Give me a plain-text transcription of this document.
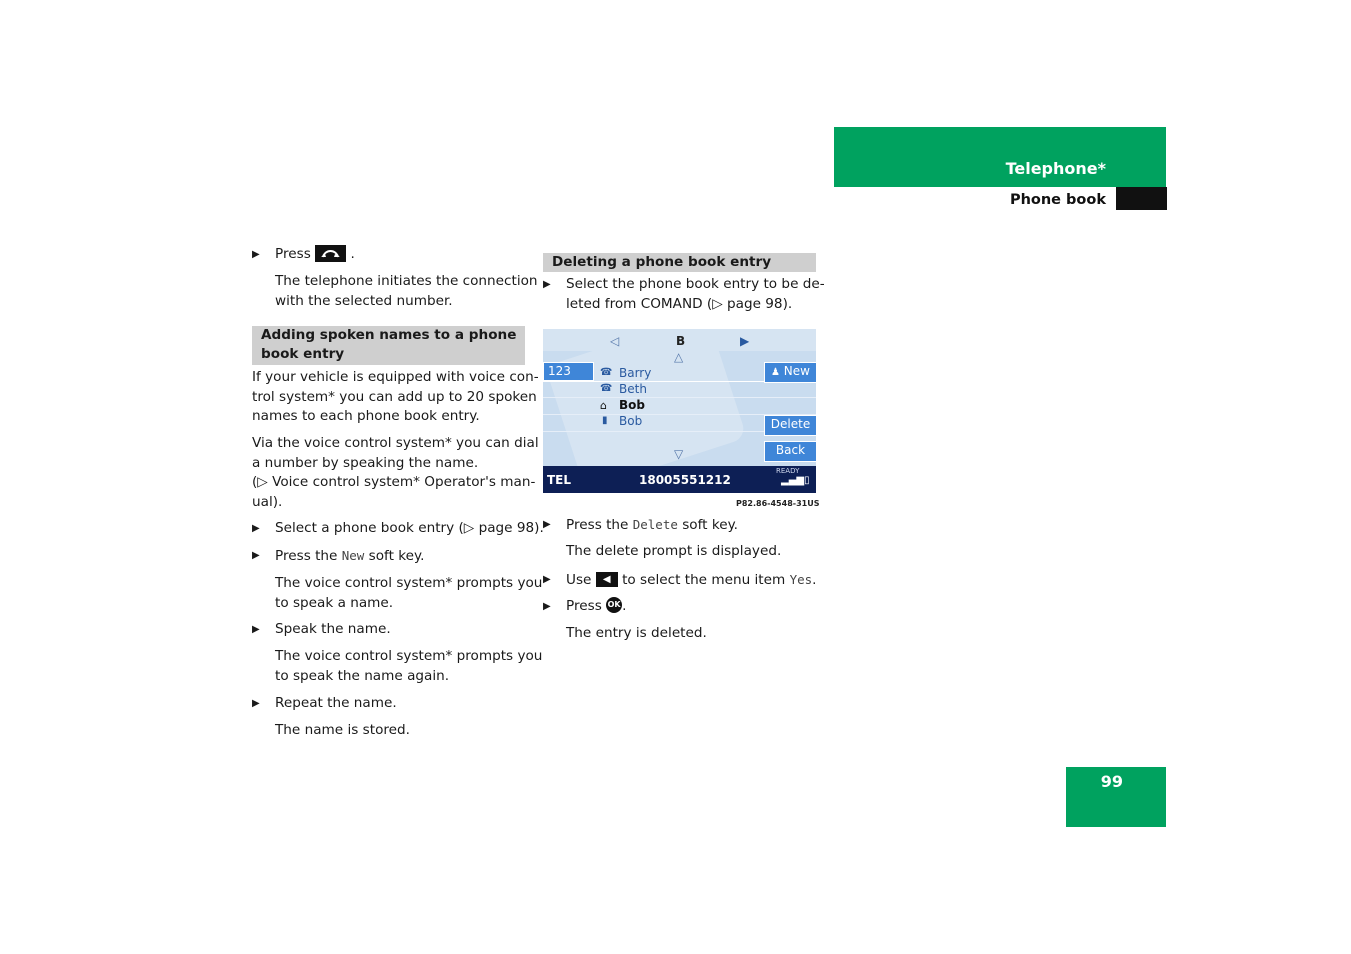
Telephone*
Phone book
99
▶ Press	.
The telephone initiates the connection
with the selected number.
Adding spoken names to a phone
book entry
If your vehicle is equipped with voice con-
trol system* you can add up to 20 spoken
names to each phone book entry.
Via the voice control system* you can dial
a number by speaking the name.
(▷ Voice control system* Operator's man-
ual).
▶ Select a phone book entry (▷ page 98).
▶ Press the New soft key.
The voice control system* prompts you
to speak a name.
▶ Speak the name.
The voice control system* prompts you
to speak the name again.
▶ Repeat the name.
The name is stored.
Deleting a phone book entry
▶ Select the phone book entry to be de-
leted from COMAND (▷ page 98).
◁	B	▶
△
123	☎ Barry
☎ Beth
⌂ Bob
▮ Bob
♟ New
Delete
Back
▽
TEL	18005551212
READY
▂▄▆▯
P82.86-4548-31US
▶ Press the Delete soft key.
The delete prompt is displayed.
▶ Use ◀ to select the menu item Yes.
▶ Press OK .
The entry is deleted.
